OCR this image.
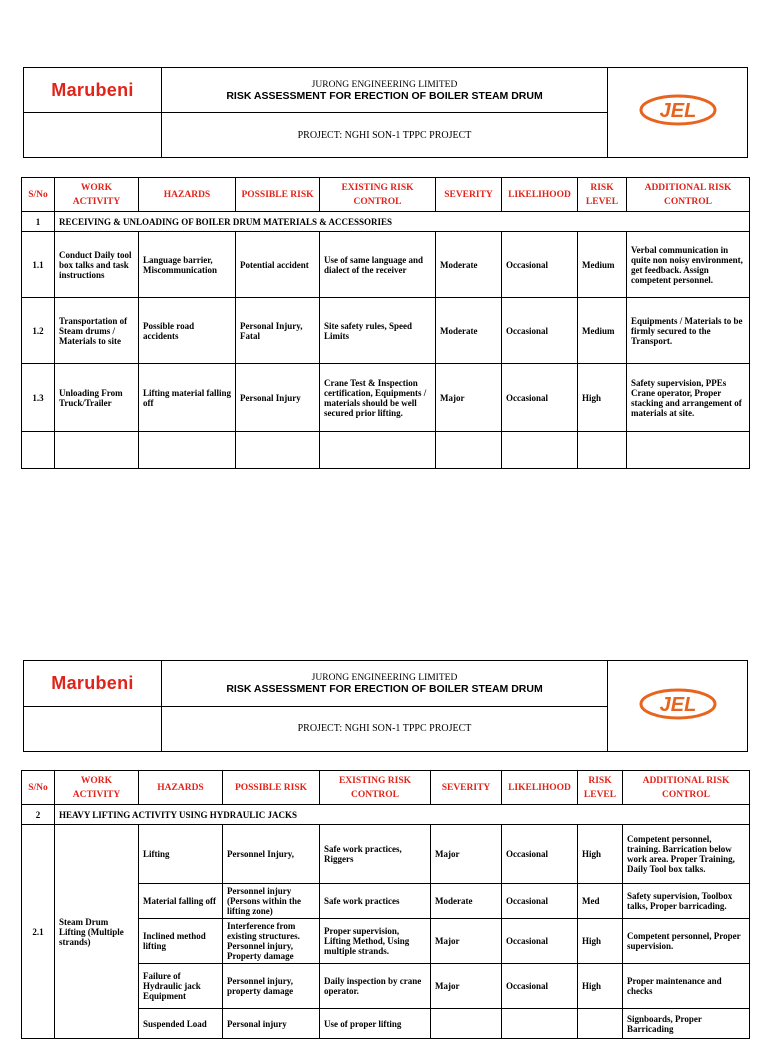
Marubeni	JURONG ENGINEERING LIMITED	JEL

	RISK ASSESSMENT FOR ERECTION OF BOILER STEAM DRUM	
	PROJECT: NGHI SON-1 TPPC PROJECT	
S/No	WORK ACTIVITY	HAZARDS	POSSIBLE RISK	EXISTING RISK CONTROL	SEVERITY	LIKELIHOOD	RISK LEVEL	ADDITIONAL RISK CONTROL
1	RECEIVING & UNLOADING OF BOILER DRUM MATERIALS & ACCESSORIES							
1.1	Conduct Daily tool box talks and task instructions	Language barrier, Miscommunication	Potential accident	Use of same language and dialect of the receiver	Moderate	Occasional	Medium	Verbal communication in quite non noisy environment, get feedback. Assign competent personnel.
1.2	Transportation of Steam drums / Materials to site	Possible road accidents	Personal Injury, Fatal	Site safety rules, Speed Limits	Moderate	Occasional	Medium	Equipments / Materials to be firmly secured to the Transport.
1.3	Unloading From Truck/Trailer	Lifting material falling off	Personal Injury	Crane Test & Inspection certification, Equipments / materials should be well secured prior lifting.	Major	Occasional	High	Safety supervision, PPEs Crane operator, Proper stacking and arrangement of materials at site.

Marubeni	JURONG ENGINEERING LIMITED	JEL

	RISK ASSESSMENT FOR ERECTION OF BOILER STEAM DRUM	
	PROJECT: NGHI SON-1 TPPC PROJECT	
S/No	WORK ACTIVITY	HAZARDS	POSSIBLE RISK	EXISTING RISK CONTROL	SEVERITY	LIKELIHOOD	RISK LEVEL	ADDITIONAL RISK CONTROL
2	HEAVY LIFTING ACTIVITY USING HYDRAULIC JACKS							
2.1	Steam Drum Lifting (Multiple strands)	Lifting	Personnel Injury,	Safe work practices, Riggers	Major	Occasional	High	Competent personnel, training. Barrication below work area. Proper Training, Daily Tool box talks.
		Material falling off	Personnel injury (Persons within the lifting zone)	Safe work practices	Moderate	Occasional	Med	Safety supervision, Toolbox talks, Proper barricading.
		Inclined method lifting	Interference from existing structures. Personnel injury, Property damage	Proper supervision, Lifting Method, Using multiple strands.	Major	Occasional	High	Competent personnel, Proper supervision.
		Failure of Hydraulic jack Equipment	Personnel injury, property damage	Daily inspection by crane operator.	Major	Occasional	High	Proper maintenance and checks
		Suspended Load	Personal injury	Use of proper lifting				Signboards, Proper Barricading
